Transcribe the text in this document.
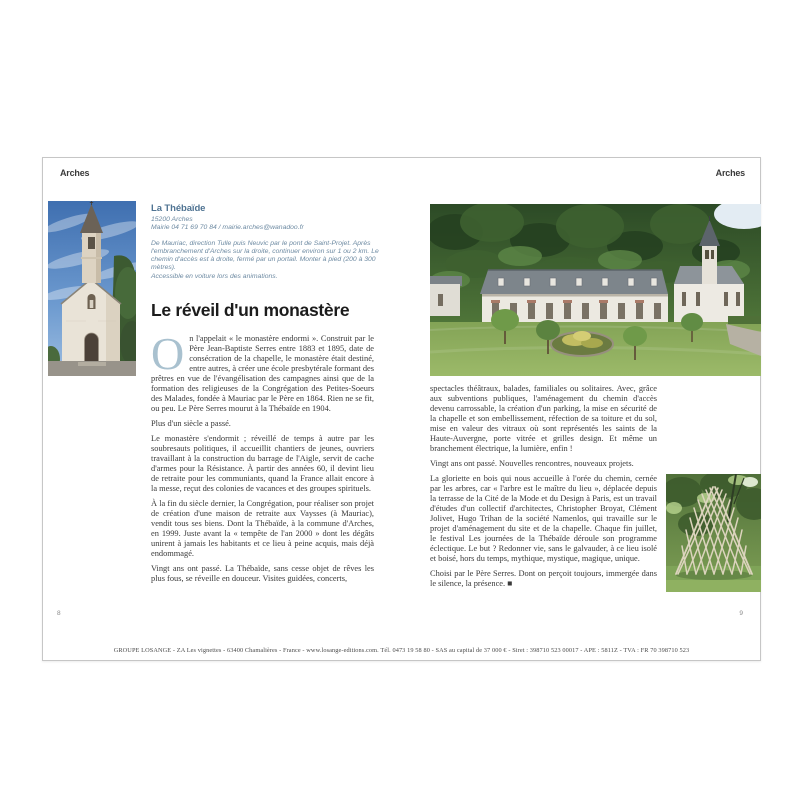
Arches	Arches
La Thébaïde
15200 Arches
Mairie 04 71 69 70 84 / mairie.arches@wanadoo.fr
De Mauriac, direction Tulle puis Neuvic par le pont de Saint-Projet. Après l'embranchement d'Arches sur la droite, continuer environ sur 1 ou 2 km. Le chemin d'accès est à droite, fermé par un portail. Monter à pied (200 à 300 mètres).
Accessible en voiture lors des animations.
Le réveil d'un monastère

On l'appelait « le monastère endormi ». Construit par le Père Jean-Baptiste Serres entre 1883 et 1895, date de consécration de la chapelle, le monastère était destiné, entre autres, à créer une école presbytérale formant des prêtres en vue de l'évangélisation des campagnes ainsi que de la formation des religieuses de la Congrégation des Petites-Soeurs des Malades, fondée à Mauriac par le Père en 1864. Rien ne se fit, ou peu. Le Père Serres mourut à la Thébaïde en 1904.

Plus d'un siècle a passé.

Le monastère s'endormit ; réveillé de temps à autre par les soubresauts politiques, il accueillit chantiers de jeunes, ouvriers travaillant à la construction du barrage de l'Aigle, servit de cache d'armes pour la Résistance. À partir des années 60, il devint lieu de retraite pour les communiants, quand la France allait encore à la messe, reçut des colonies de vacances et des groupes spirituels.

À la fin du siècle dernier, la Congrégation, pour réaliser son projet de création d'une maison de retraite aux Vaysses (à Mauriac), vendit tous ses biens. Dont la Thébaïde, à la commune d'Arches, en 1999. Juste avant la « tempête de l'an 2000 » dont les dégâts unirent à jamais les habitants et ce lieu à peine acquis, mais déjà endommagé.

Vingt ans ont passé. La Thébaïde, sans cesse objet de rêves les plus fous, se réveille en douceur. Visites guidées, concerts,

spectacles théâtraux, balades, familiales ou solitaires. Avec, grâce aux subventions publiques, l'aménagement du chemin d'accès devenu carrossable, la création d'un parking, la mise en sécurité de la chapelle et son embellissement, réfection de sa toiture et du sol, mise en valeur des vitraux où sont représentés les saints de la Haute-Auvergne, porte vitrée et grilles design. Et même un branchement électrique, la lumière, enfin !

Vingt ans ont passé. Nouvelles rencontres, nouveaux projets.

La gloriette en bois qui nous accueille à l'orée du chemin, cernée par les arbres, car « l'arbre est le maître du lieu », déplacée depuis la terrasse de la Cité de la Mode et du Design à Paris, est un travail d'études d'un collectif d'architectes, Christopher Broyat, Clément Jolivet, Hugo Trihan de la société Namenlos, qui travaille sur le projet d'aménagement du site et de la chapelle. Chaque fin juillet, le festival Les journées de la Thébaïde déroule son programme éclectique. Le but ? Redonner vie, sans le galvauder, à ce lieu isolé et boisé, hors du temps, mythique, mystique, magique, unique.

Choisi par le Père Serres. Dont on perçoit toujours, immergée dans le silence, la présence. ■

8	9
GROUPE LOSANGE - ZA Les vignettes - 63400 Chamalières - France - www.losange-editions.com. Tél. 0473 19 58 80 - SAS au capital de 37 000 € - Siret : 398710 523 00017 - APE : 5811Z - TVA : FR 70 398710 523
